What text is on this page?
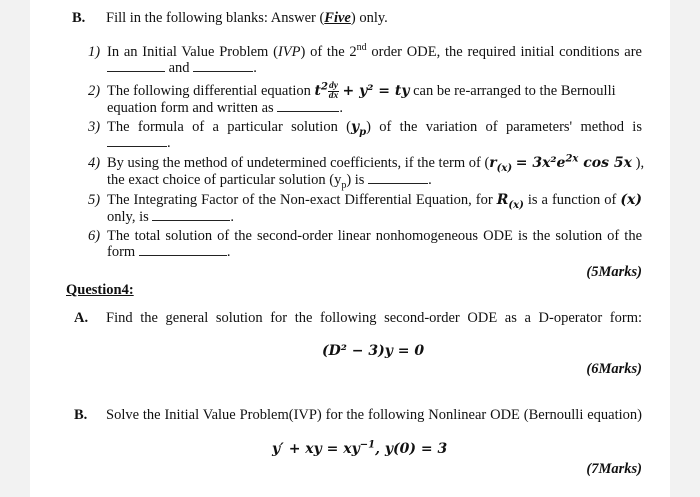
B. Fill in the following blanks: Answer (Five) only.
1) In an Initial Value Problem (IVP) of the 2nd order ODE, the required initial conditions are
and	.
2) The following differential equation $t^2 \frac{dy}{dx} + y^2$ = ty can be re-arranged to the Bernoulli
equation form and written as	.
3) The formula of a particular solution $(y_p)$ of the variation of parameters' method is
.
4) By using the method of undetermined coefficients, if the term of ($r_{(x)} = 3x^2e^{2x}$ cos 5x ),
the exact choice of particular solution $(y_p)$ is	.
5) The Integrating Factor of the Non-exact Differential Equation, for $R_{(x)}$ is a function of (x)
only, is	.
6) The total solution of the second-order linear nonhomogeneous ODE is the solution of the
form	.
(5Marks)
Question4:
A. Find the general solution for the following second-order ODE as a D-operator form:
(D² − 3)y = 0
(6Marks)
B. Solve the Initial Value Problem(IVP) for the following Nonlinear ODE (Bernoulli equation)
y′ + xy = $xy^{-1}$, y(0) = 3
(7Marks)
